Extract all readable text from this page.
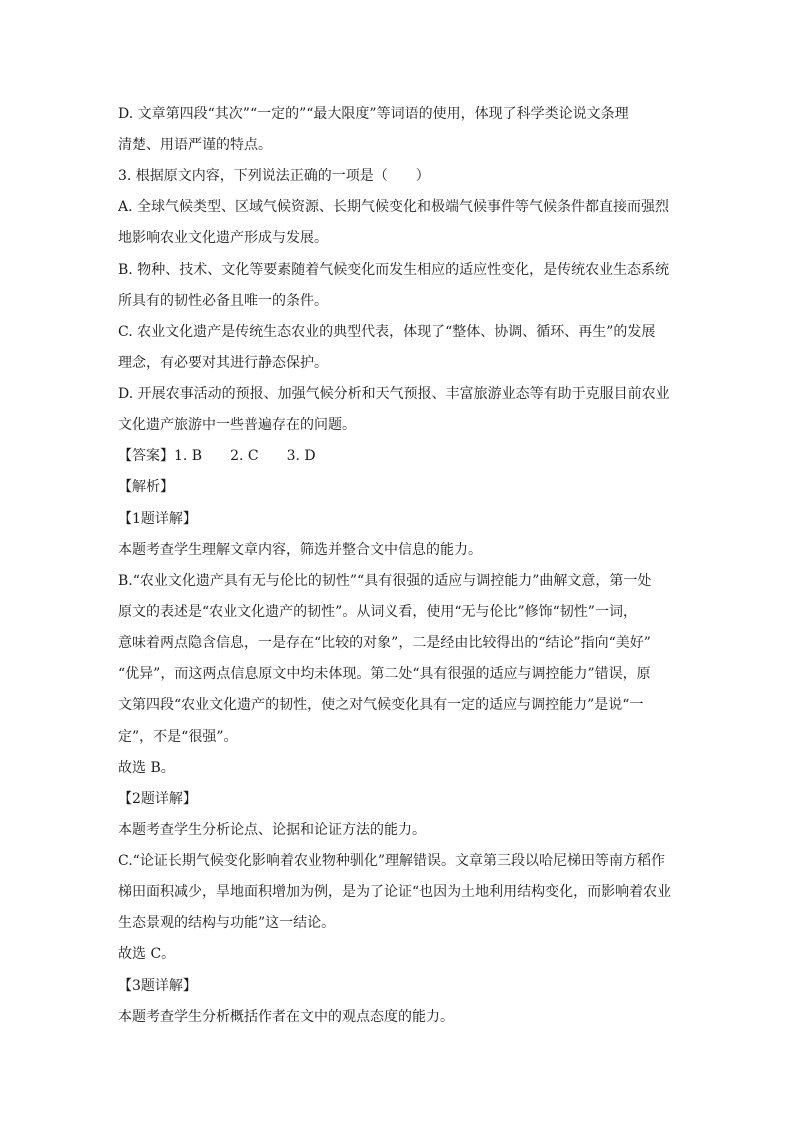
D. 文章第四段“其次”“一定的”“最大限度”等词语的使用，体现了科学类论说文条理
清楚、用语严谨的特点。
3. 根据原文内容，下列说法正确的一项是（　　）
A. 全球气候类型、区域气候资源、长期气候变化和极端气候事件等气候条件都直接而强烈
地影响农业文化遗产形成与发展。
B. 物种、技术、文化等要素随着气候变化而发生相应的适应性变化，是传统农业生态系统
所具有的韧性必备且唯一的条件。
C. 农业文化遗产是传统生态农业的典型代表，体现了“整体、协调、循环、再生”的发展
理念，有必要对其进行静态保护。
D. 开展农事活动的预报、加强气候分析和天气预报、丰富旅游业态等有助于克服目前农业
文化遗产旅游中一些普遍存在的问题。
【答案】1. B　　2. C　　3. D
【解析】
【1题详解】
本题考查学生理解文章内容，筛选并整合文中信息的能力。
B.“农业文化遗产具有无与伦比的韧性”“具有很强的适应与调控能力”曲解文意，第一处
原文的表述是“农业文化遗产的韧性”。从词义看，使用“无与伦比”修饰“韧性”一词，
意味着两点隐含信息，一是存在“比较的对象”，二是经由比较得出的“结论”指向“美好”
“优异”，而这两点信息原文中均未体现。第二处“具有很强的适应与调控能力”错误，原
文第四段“农业文化遗产的韧性，使之对气候变化具有一定的适应与调控能力”是说“一
定”，不是“很强”。
故选 B。
【2题详解】
本题考查学生分析论点、论据和论证方法的能力。
C.“论证长期气候变化影响着农业物种驯化”理解错误。文章第三段以哈尼梯田等南方稻作
梯田面积减少，旱地面积增加为例，是为了论证“也因为土地利用结构变化，而影响着农业
生态景观的结构与功能”这一结论。
故选 C。
【3题详解】
本题考查学生分析概括作者在文中的观点态度的能力。
